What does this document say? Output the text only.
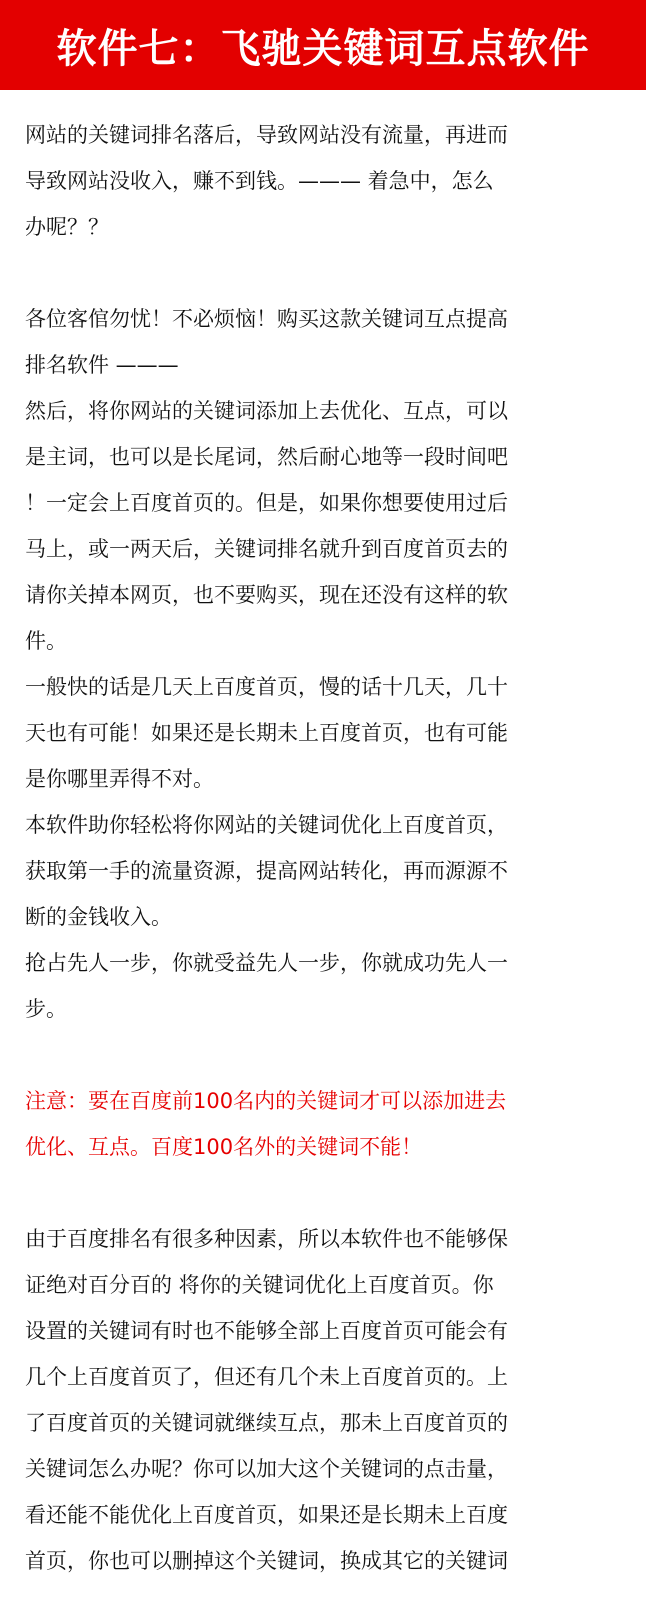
软件七：飞驰关键词互点软件
网站的关键词排名落后，导致网站没有流量，再进而
导致网站没收入，赚不到钱。——— 着急中，怎么
办呢？？
各位客倌勿忧！不必烦恼！购买这款关键词互点提高
排名软件 ———
然后，将你网站的关键词添加上去优化、互点，可以
是主词，也可以是长尾词，然后耐心地等一段时间吧
！一定会上百度首页的。但是，如果你想要使用过后
马上，或一两天后，关键词排名就升到百度首页去的
请你关掉本网页，也不要购买，现在还没有这样的软
件。
一般快的话是几天上百度首页，慢的话十几天，几十
天也有可能！如果还是长期未上百度首页，也有可能
是你哪里弄得不对。
本软件助你轻松将你网站的关键词优化上百度首页，
获取第一手的流量资源，提高网站转化，再而源源不
断的金钱收入。
抢占先人一步，你就受益先人一步，你就成功先人一
步。
注意：要在百度前100名内的关键词才可以添加进去
优化、互点。百度100名外的关键词不能！
由于百度排名有很多种因素，所以本软件也不能够保
证绝对百分百的 将你的关键词优化上百度首页。你
设置的关键词有时也不能够全部上百度首页可能会有
几个上百度首页了，但还有几个未上百度首页的。上
了百度首页的关键词就继续互点，那未上百度首页的
关键词怎么办呢？你可以加大这个关键词的点击量，
看还能不能优化上百度首页，如果还是长期未上百度
首页，你也可以删掉这个关键词，换成其它的关键词
